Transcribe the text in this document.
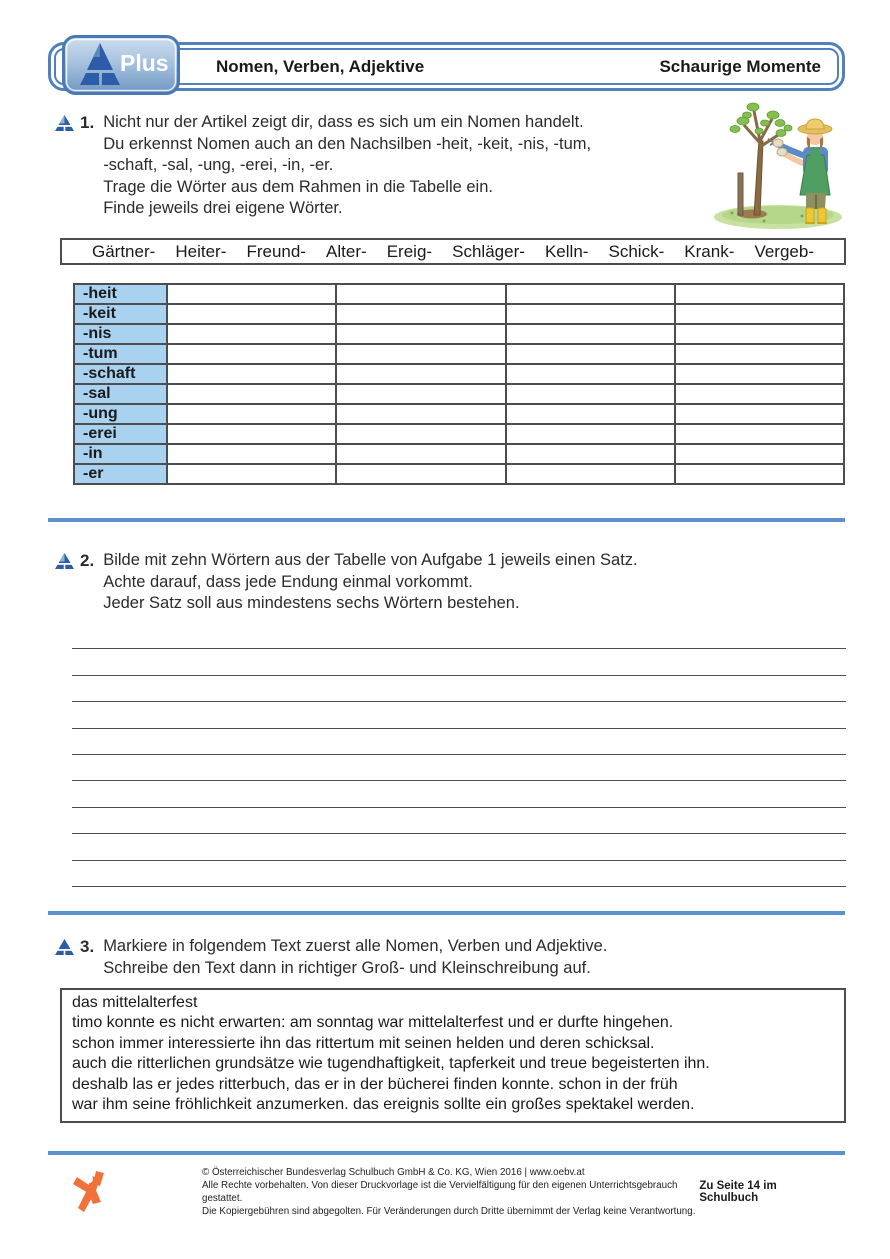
Nomen, Verben, Adjektive	Schaurige Momente
Plus
1. Nicht nur der Artikel zeigt dir, dass es sich um ein Nomen handelt.
Du erkennst Nomen auch an den Nachsilben -heit, -keit, -nis, -tum,
-schaft, -sal, -ung, -erei, -in, -er.
Trage die Wörter aus dem Rahmen in die Tabelle ein.
Finde jeweils drei eigene Wörter.
Gärtner- Heiter- Freund- Alter- Ereig- Schläger- Kelln- Schick- Krank- Vergeb-
-heit				
-keit				
-nis				
-tum				
-schaft				
-sal				
-ung				
-erei				
-in				
-er				
2. Bilde mit zehn Wörtern aus der Tabelle von Aufgabe 1 jeweils einen Satz.
Achte darauf, dass jede Endung einmal vorkommt.
Jeder Satz soll aus mindestens sechs Wörtern bestehen.
3. Markiere in folgendem Text zuerst alle Nomen, Verben und Adjektive.
Schreibe den Text dann in richtiger Groß- und Kleinschreibung auf.
das mittelalterfest
timo konnte es nicht erwarten: am sonntag war mittelalterfest und er durfte hingehen.
schon immer interessierte ihn das rittertum mit seinen helden und deren schicksal.
auch die ritterlichen grundsätze wie tugendhaftigkeit, tapferkeit und treue begeisterten ihn.
deshalb las er jedes ritterbuch, das er in der bücherei finden konnte. schon in der früh
war ihm seine fröhlichkeit anzumerken. das ereignis sollte ein großes spektakel werden.
© Österreichischer Bundesverlag Schulbuch GmbH & Co. KG, Wien 2016 | www.oebv.at
Alle Rechte vorbehalten. Von dieser Druckvorlage ist die Vervielfältigung für den eigenen Unterrichtsgebrauch gestattet.
Die Kopiergebühren sind abgegolten. Für Veränderungen durch Dritte übernimmt der Verlag keine Verantwortung.
Zu Seite 14 im Schulbuch
